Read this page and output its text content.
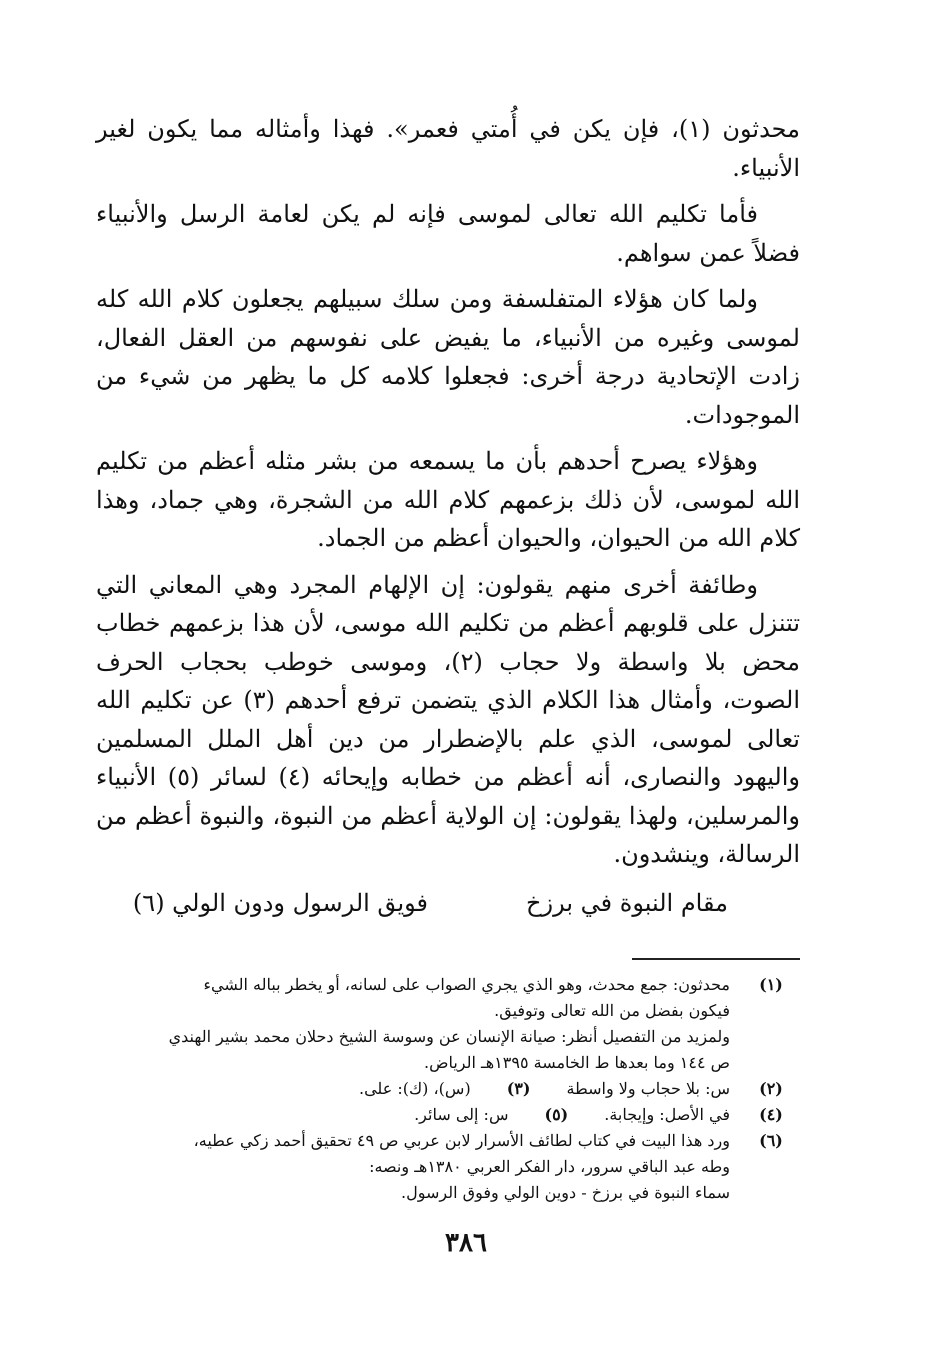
محدثون (١)، فإن يكن في أُمتي فعمر». فهذا وأمثاله مما يكون لغير الأنبياء.

فأما تكليم الله تعالى لموسى فإنه لم يكن لعامة الرسل والأنبياء فضلاً عمن سواهم.

ولما كان هؤلاء المتفلسفة ومن سلك سبيلهم يجعلون كلام الله كله لموسى وغيره من الأنبياء، ما يفيض على نفوسهم من العقل الفعال، زادت الإتحادية درجة أخرى: فجعلوا كلامه كل ما يظهر من شيء من الموجودات.

وهؤلاء يصرح أحدهم بأن ما يسمعه من بشر مثله أعظم من تكليم الله لموسى، لأن ذلك بزعمهم كلام الله من الشجرة، وهي جماد، وهذا كلام الله من الحيوان، والحيوان أعظم من الجماد.

وطائفة أخرى منهم يقولون: إن الإلهام المجرد وهي المعاني التي تتنزل على قلوبهم أعظم من تكليم الله موسى، لأن هذا بزعمهم خطاب محض بلا واسطة ولا حجاب (٢)، وموسى خوطب بحجاب الحرف الصوت، وأمثال هذا الكلام الذي يتضمن ترفع أحدهم (٣) عن تكليم الله تعالى لموسى، الذي علم بالإضطرار من دين أهل الملل المسلمين واليهود والنصارى، أنه أعظم من خطابه وإيحائه (٤) لسائر (٥) الأنبياء والمرسلين، ولهذا يقولون: إن الولاية أعظم من النبوة، والنبوة أعظم من الرسالة، وينشدون.

مقام النبوة في برزخ
فويق الرسول ودون الولي (٦)
(١)
محدثون: جمع محدث، وهو الذي يجري الصواب على لسانه، أو يخطر بباله الشيء
فيكون بفضل من الله تعالى وتوفيق.
ولمزيد من التفصيل أنظر: صيانة الإنسان عن وسوسة الشيخ دحلان محمد بشير الهندي
ص ١٤٤ وما بعدها ط الخامسة ١٣٩٥هـ الرياض.
(٢)
س: بلا حجاب ولا واسطة
(٣)
(س)، (ك): على.
(٤)
في الأصل: وإيجابة.
(٥)
س: إلى سائر.
(٦)
ورد هذا البيت في كتاب لطائف الأسرار لابن عربي ص ٤٩ تحقيق أحمد زكي عطيه،
وطه عبد الباقي سرور، دار الفكر العربي ١٣٨٠هـ ونصه:
سماء النبوة في برزخ - دوين الولي وفوق الرسول.
٣٨٦
